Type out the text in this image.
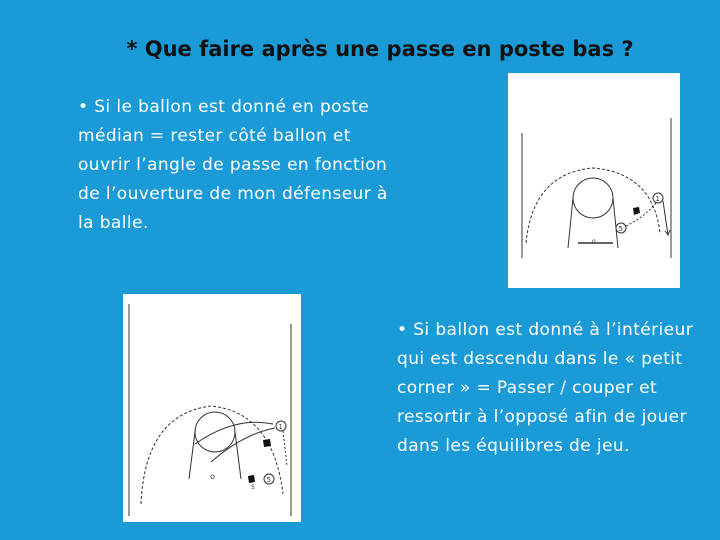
* Que faire après une passe en poste bas ?
• Si le ballon est donné en poste médian = rester côté ballon et ouvrir l’angle de passe en fonction de l’ouverture de mon défenseur à la balle.
o
1
5
o
1
5
5
• Si ballon est donné à l’intérieur qui est descendu dans le « petit corner » = Passer / couper et ressortir à l’opposé afin de jouer dans les équilibres de jeu.
